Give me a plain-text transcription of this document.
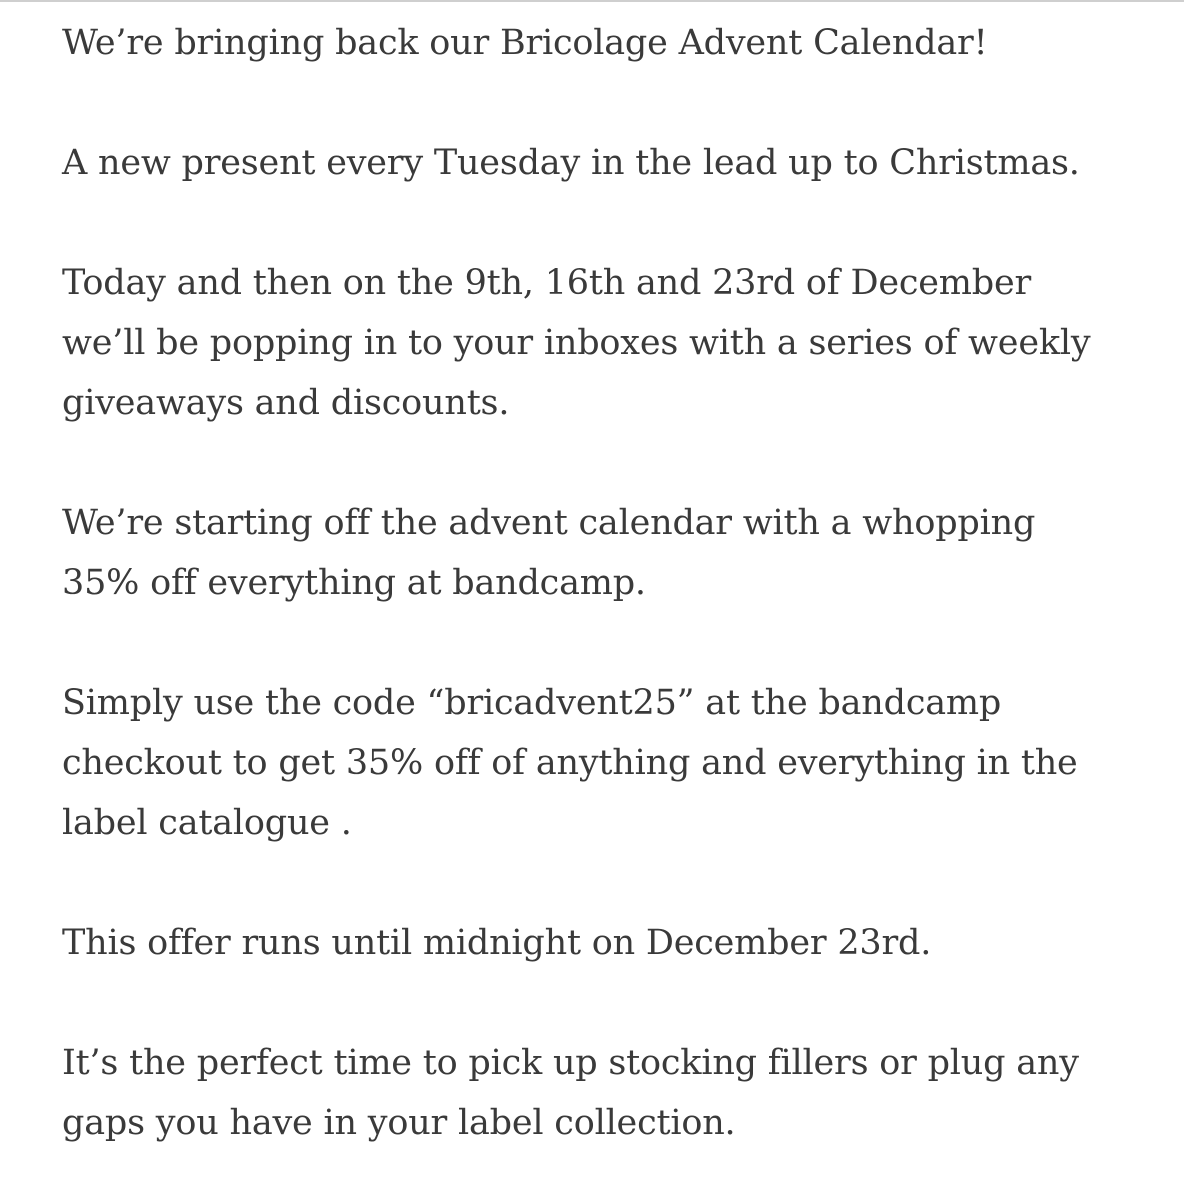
We’re bringing back our Bricolage Advent Calendar!

A new present every Tuesday in the lead up to Christmas.

Today and then on the 9th, 16th and 23rd of December
we’ll be popping in to your inboxes with a series of weekly
giveaways and discounts.

We’re starting off the advent calendar with a whopping
35% off everything at bandcamp.

Simply use the code “bricadvent25” at the bandcamp
checkout to get 35% off of anything and everything in the
label catalogue .

This offer runs until midnight on December 23rd.

It’s the perfect time to pick up stocking fillers or plug any
gaps you have in your label collection.
